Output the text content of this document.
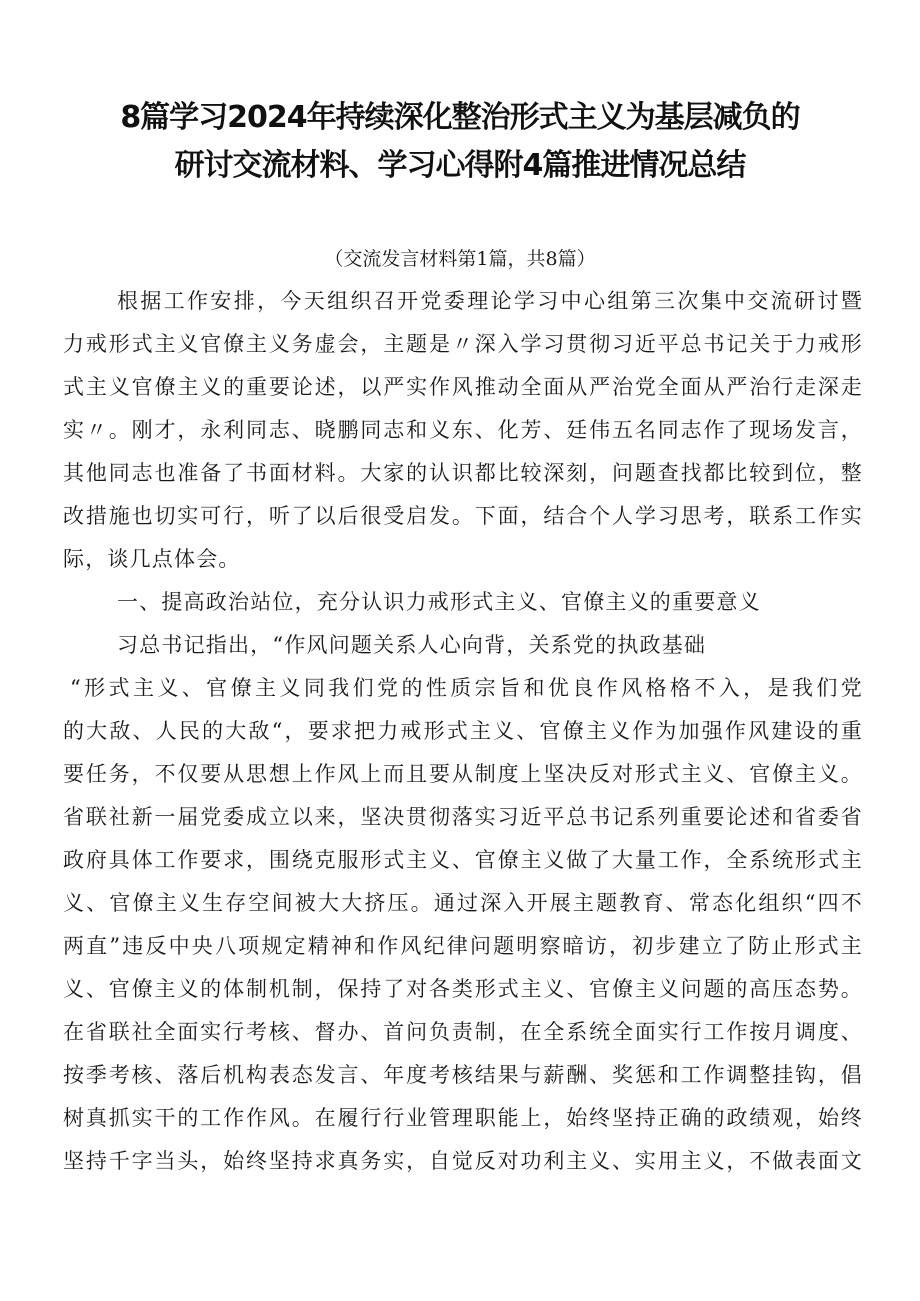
8篇学习2024年持续深化整治形式主义为基层减负的
研讨交流材料、学习心得附4篇推进情况总结
（交流发言材料第1篇，共8篇）
根据工作安排，今天组织召开党委理论学习中心组第三次集中交流研讨暨
力戒形式主义官僚主义务虚会，主题是〃深入学习贯彻习近平总书记关于力戒形
式主义官僚主义的重要论述，以严实作风推动全面从严治党全面从严治行走深走
实〃。刚才，永利同志、晓鹏同志和义东、化芳、廷伟五名同志作了现场发言，
其他同志也准备了书面材料。大家的认识都比较深刻，问题查找都比较到位，整
改措施也切实可行，听了以后很受启发。下面，结合个人学习思考，联系工作实
际，谈几点体会。
一、提高政治站位，充分认识力戒形式主义、官僚主义的重要意义
习总书记指出，“作风问题关系人心向背，关系党的执政基础
“形式主义、官僚主义同我们党的性质宗旨和优良作风格格不入，是我们党
的大敌、人民的大敌“，要求把力戒形式主义、官僚主义作为加强作风建设的重
要任务，不仅要从思想上作风上而且要从制度上坚决反对形式主义、官僚主义。
省联社新一届党委成立以来，坚决贯彻落实习近平总书记系列重要论述和省委省
政府具体工作要求，围绕克服形式主义、官僚主义做了大量工作，全系统形式主
义、官僚主义生存空间被大大挤压。通过深入开展主题教育、常态化组织“四不
两直”违反中央八项规定精神和作风纪律问题明察暗访，初步建立了防止形式主
义、官僚主义的体制机制，保持了对各类形式主义、官僚主义问题的高压态势。
在省联社全面实行考核、督办、首问负责制，在全系统全面实行工作按月调度、
按季考核、落后机构表态发言、年度考核结果与薪酬、奖惩和工作调整挂钩，倡
树真抓实干的工作作风。在履行行业管理职能上，始终坚持正确的政绩观，始终
坚持千字当头，始终坚持求真务实，自觉反对功利主义、实用主义，不做表面文
